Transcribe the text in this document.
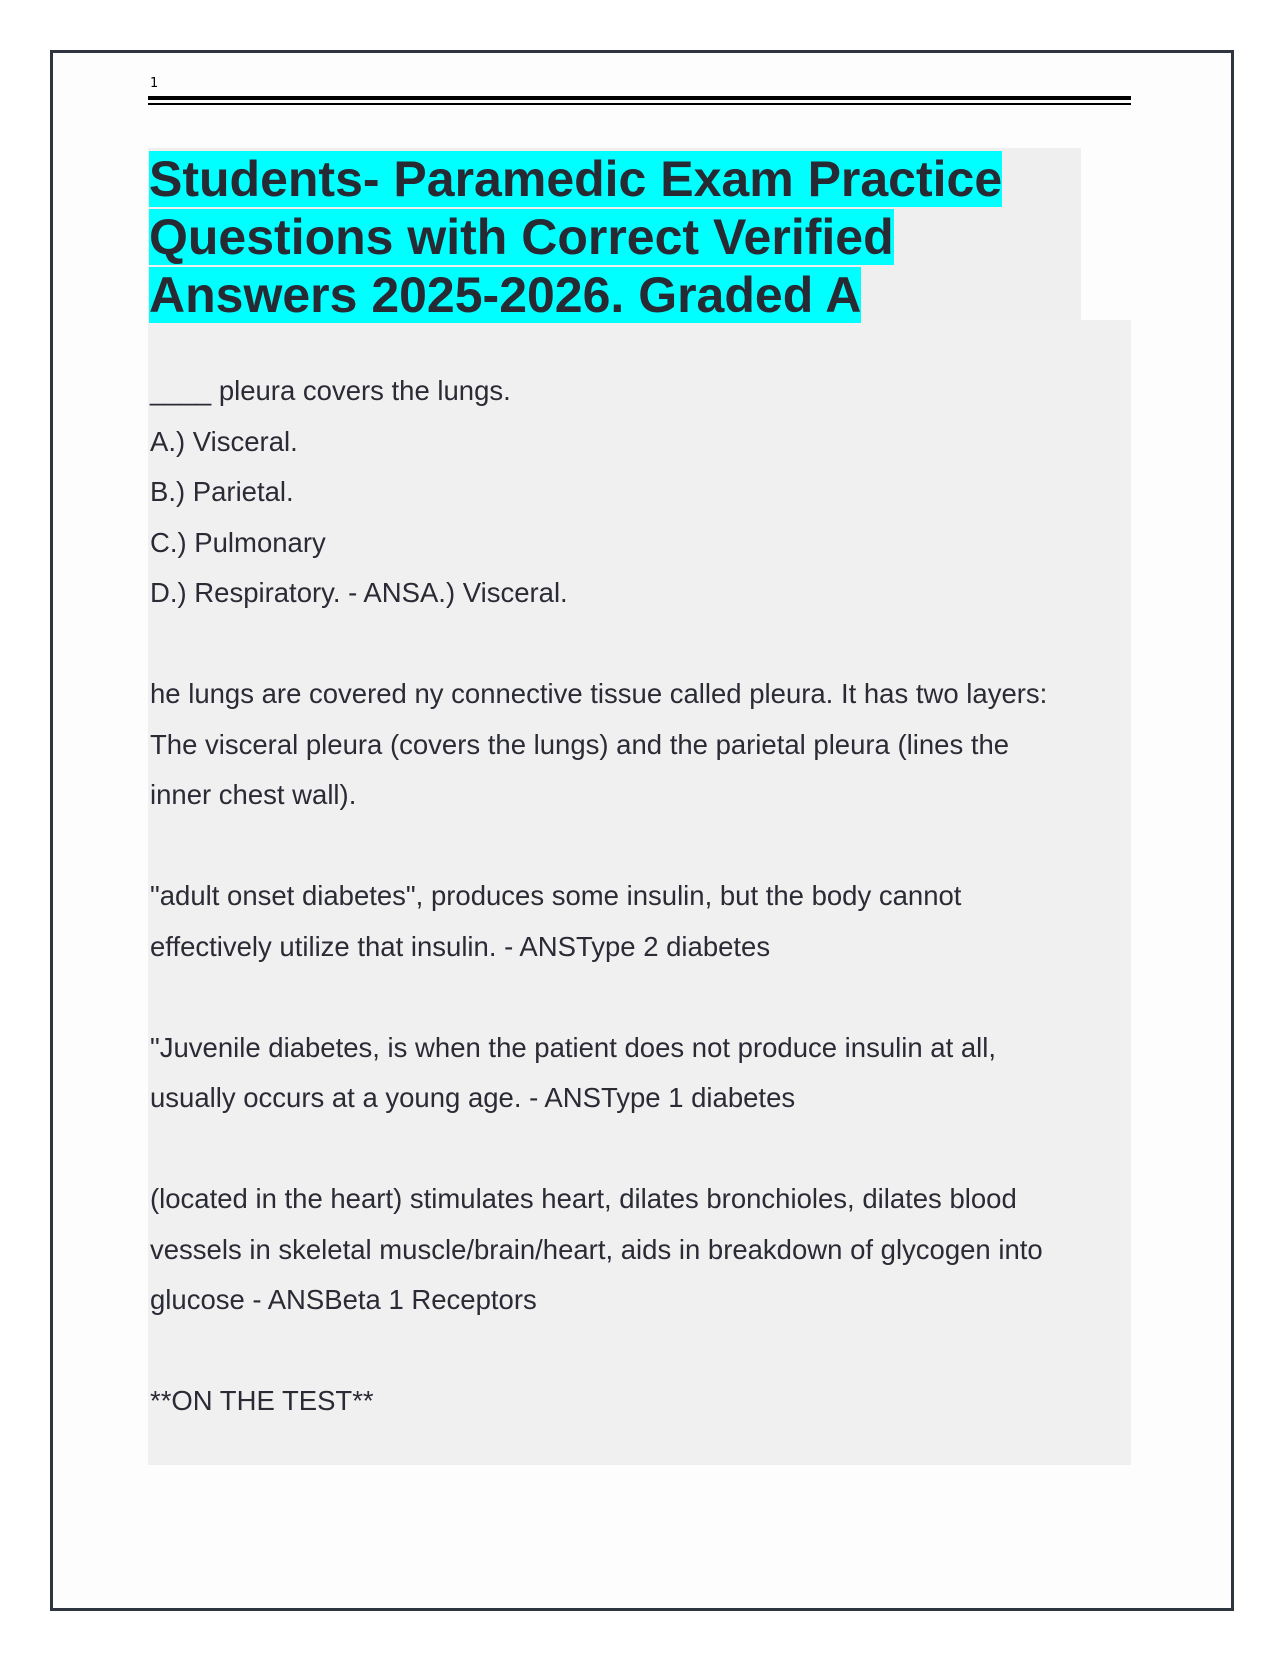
1
Students- Paramedic Exam Practice Questions with Correct Verified Answers 2025-2026. Graded A

____ pleura covers the lungs.

A.) Visceral.

B.) Parietal.

C.) Pulmonary

D.) Respiratory. - ANSA.) Visceral.

he lungs are covered ny connective tissue called pleura. It has two layers:

The visceral pleura (covers the lungs) and the parietal pleura (lines the

inner chest wall).

"adult onset diabetes", produces some insulin, but the body cannot

effectively utilize that insulin. - ANSType 2 diabetes

"Juvenile diabetes, is when the patient does not produce insulin at all,

usually occurs at a young age. - ANSType 1 diabetes

(located in the heart) stimulates heart, dilates bronchioles, dilates blood

vessels in skeletal muscle/brain/heart, aids in breakdown of glycogen into

glucose - ANSBeta 1 Receptors

**ON THE TEST**
